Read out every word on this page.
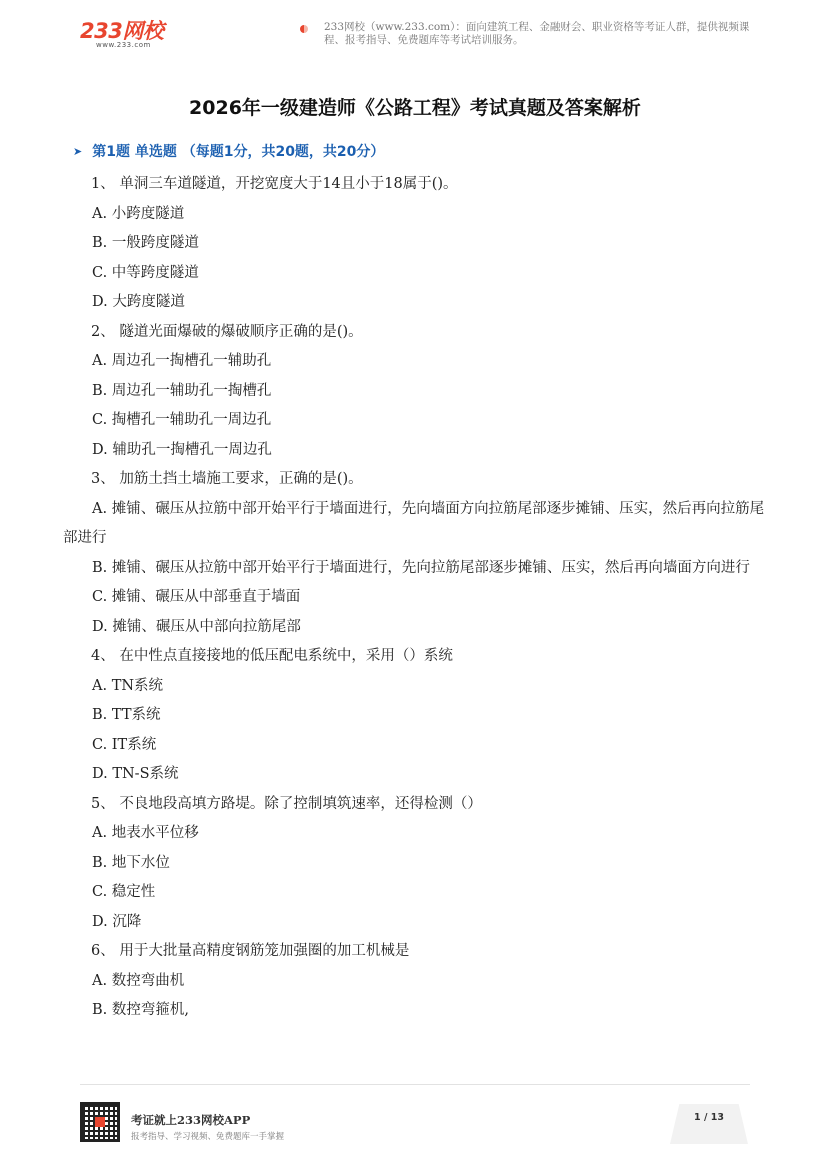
233网校
www.233.com
233网校（www.233.com）：面向建筑工程、金融财会、职业资格等考证人群，提供视频课程、报考指导、免费题库等考试培训服务。
2026年一级建造师《公路工程》考试真题及答案解析
➤ 第1题 单选题 （每题1分，共20题，共20分）
1、 单洞三车道隧道，开挖宽度大于14且小于18属于()。
A. 小跨度隧道
B. 一般跨度隧道
C. 中等跨度隧道
D. 大跨度隧道
2、 隧道光面爆破的爆破顺序正确的是()。
A. 周边孔一掏槽孔一辅助孔
B. 周边孔一辅助孔一掏槽孔
C. 掏槽孔一辅助孔一周边孔
D. 辅助孔一掏槽孔一周边孔
3、 加筋土挡土墙施工要求，正确的是()。
A. 摊铺、碾压从拉筋中部开始平行于墙面进行，先向墙面方向拉筋尾部逐步摊铺、压实，然后再向拉筋尾部进行
B. 摊铺、碾压从拉筋中部开始平行于墙面进行，先向拉筋尾部逐步摊铺、压实，然后再向墙面方向进行
C. 摊铺、碾压从中部垂直于墙面
D. 摊铺、碾压从中部向拉筋尾部
4、 在中性点直接接地的低压配电系统中，采用（）系统
A. TN系统
B. TT系统
C. IT系统
D. TN-S系统
5、 不良地段高填方路堤。除了控制填筑速率，还得检测（）
A. 地表水平位移
B. 地下水位
C. 稳定性
D. 沉降
6、 用于大批量高精度钢筋笼加强圈的加工机械是
A. 数控弯曲机
B. 数控弯箍机,
考证就上233网校APP
报考指导、学习视频、免费题库一手掌握
1 / 13
